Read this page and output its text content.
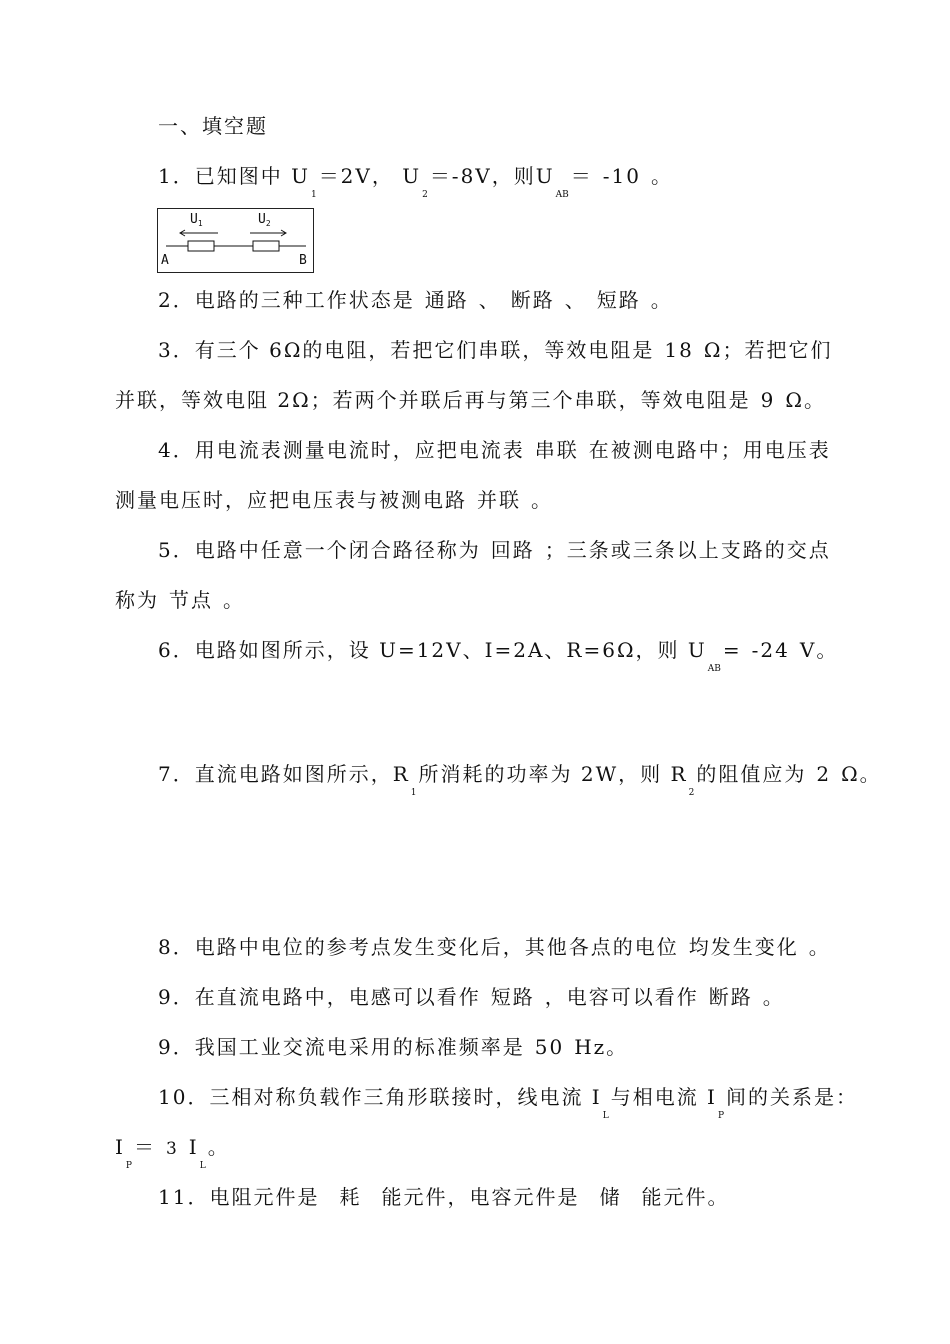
一、填空题
1．已知图中 U1＝2V， U2＝-8V，则UAB＝ -10 。
$U_1$	$U_2$
A	B
2．电路的三种工作状态是 通路 、 断路 、 短路 。
3．有三个 6Ω的电阻，若把它们串联，等效电阻是 18 Ω；若把它们
并联，等效电阻 2Ω；若两个并联后再与第三个串联，等效电阻是 9 Ω。
4．用电流表测量电流时，应把电流表 串联 在被测电路中；用电压表
测量电压时，应把电压表与被测电路 并联 。
5．电路中任意一个闭合路径称为 回路 ；三条或三条以上支路的交点
称为 节点 。
6．电路如图所示，设 U=12V、I=2A、R=6Ω，则 UAB= -24 V。
7．直流电路如图所示，R1所消耗的功率为 2W，则 R2的阻值应为 2 Ω。
8．电路中电位的参考点发生变化后，其他各点的电位 均发生变化 。
9．在直流电路中，电感可以看作 短路 ，电容可以看作 断路 。
9．我国工业交流电采用的标准频率是 50 Hz。
10．三相对称负载作三角形联接时，线电流 IL与相电流 IP间的关系是：
IP＝ 3 IL。
11．电阻元件是 耗 能元件，电容元件是 储 能元件。
